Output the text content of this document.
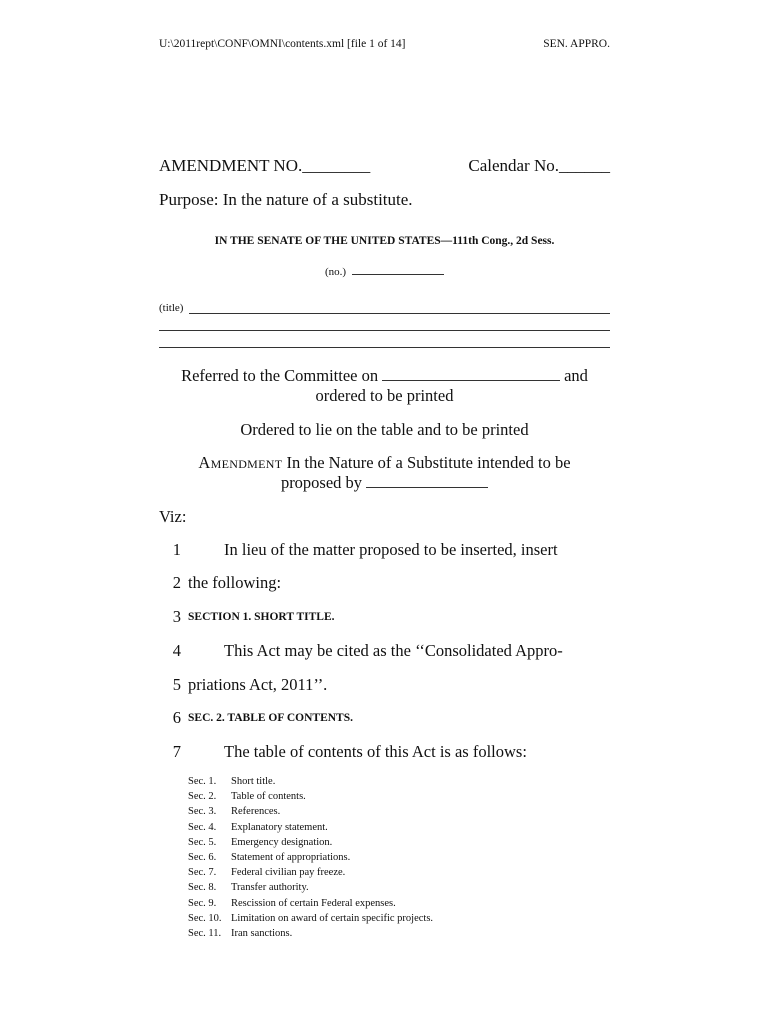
U:\2011rept\CONF\OMNI\contents.xml [file 1 of 14]	SEN. APPRO.
AMENDMENT NO.________	Calendar No.______
Purpose: In the nature of a substitute.
IN THE SENATE OF THE UNITED STATES—111th Cong., 2d Sess.
(no.)
(title)
Referred to the Committee on	and
ordered to be printed
Ordered to lie on the table and to be printed
Amendment In the Nature of a Substitute intended to be
proposed by
Viz:
1	In lieu of the matter proposed to be inserted, insert
2 the following:
3 SECTION 1. SHORT TITLE.
4	This Act may be cited as the ‘‘Consolidated Appro-
5 priations Act, 2011’’.
6 SEC. 2. TABLE OF CONTENTS.
7	The table of contents of this Act is as follows:
Sec. 1.	Short title.
Sec. 2.	Table of contents.
Sec. 3.	References.
Sec. 4.	Explanatory statement.
Sec. 5.	Emergency designation.
Sec. 6.	Statement of appropriations.
Sec. 7.	Federal civilian pay freeze.
Sec. 8.	Transfer authority.
Sec. 9.	Rescission of certain Federal expenses.
Sec. 10. Limitation on award of certain specific projects.
Sec. 11. Iran sanctions.
